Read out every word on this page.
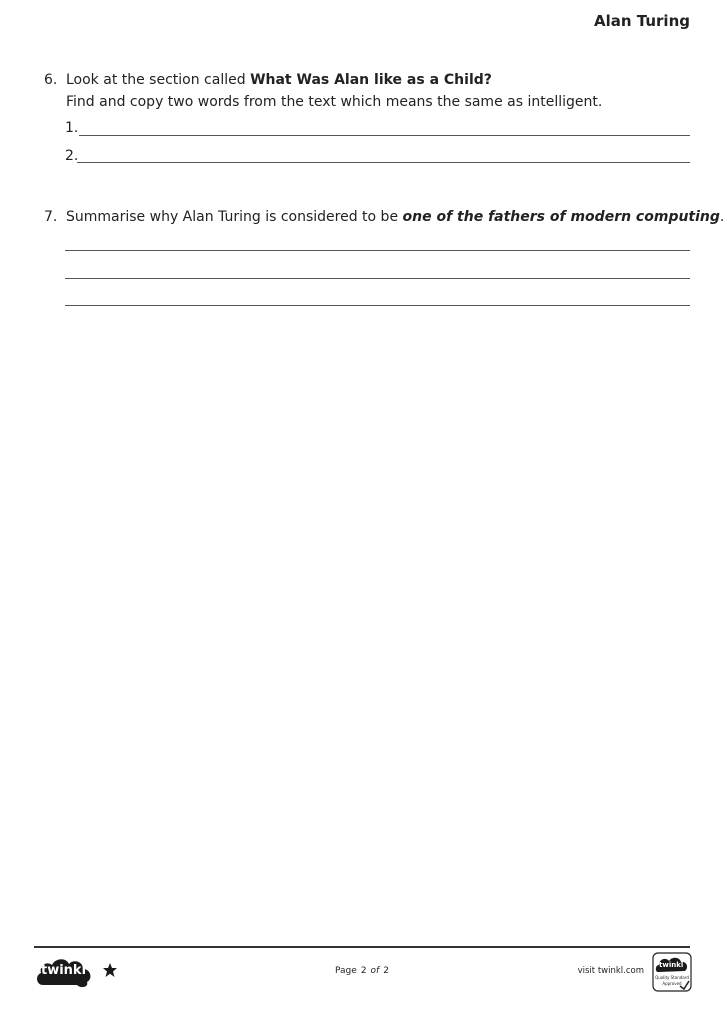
Alan Turing
6. Look at the section called What Was Alan like as a Child?
Find and copy two words from the text which means the same as intelligent.
1.
2.
7. Summarise why Alan Turing is considered to be one of the fathers of modern computing.
twinkl	Page 2 of 2	visit twinkl.com
twinkl
Quality Standard
Approved
